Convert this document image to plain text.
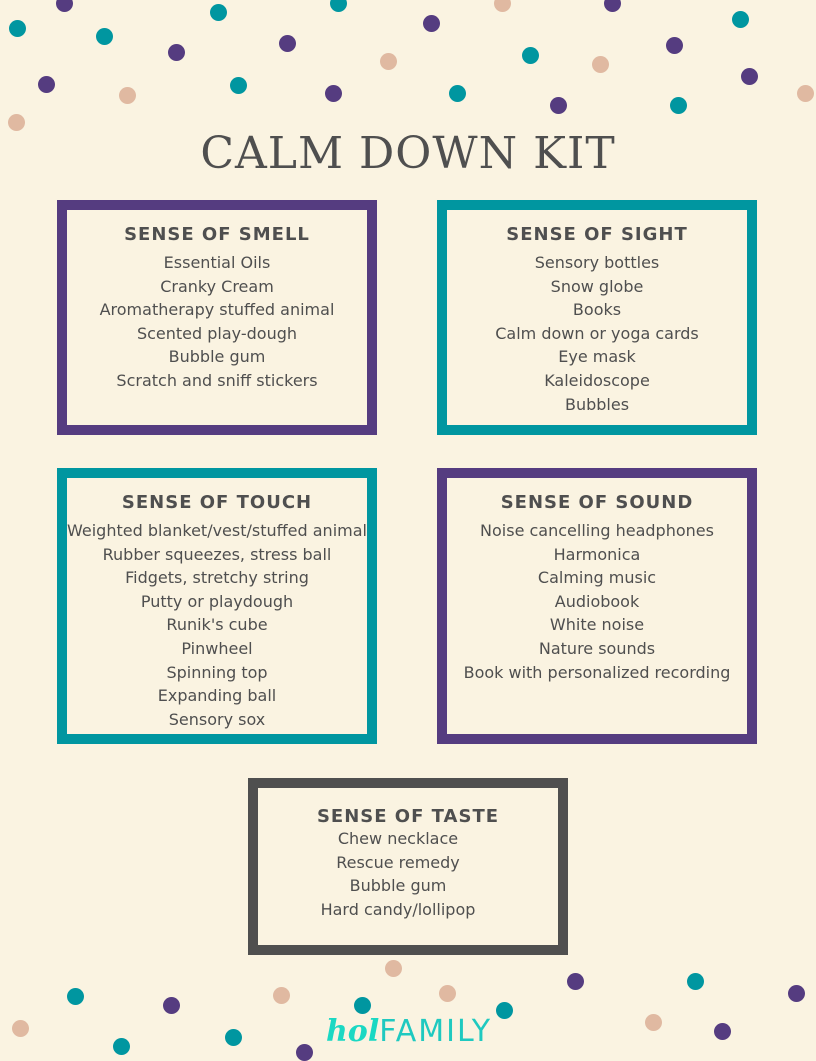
CALM DOWN KIT
SENSE OF SMELL
Essential Oils
Cranky Cream
Aromatherapy stuffed animal
Scented play-dough
Bubble gum
Scratch and sniff stickers
SENSE OF SIGHT
Sensory bottles
Snow globe
Books
Calm down or yoga cards
Eye mask
Kaleidoscope
Bubbles
SENSE OF TOUCH
Weighted blanket/vest/stuffed animal
Rubber squeezes, stress ball
Fidgets, stretchy string
Putty or playdough
Runik's cube
Pinwheel
Spinning top
Expanding ball
Sensory sox
SENSE OF SOUND
Noise cancelling headphones
Harmonica
Calming music
Audiobook
White noise
Nature sounds
Book with personalized recording
SENSE OF TASTE
Chew necklace
Rescue remedy
Bubble gum
Hard candy/lollipop
holFAMILY
